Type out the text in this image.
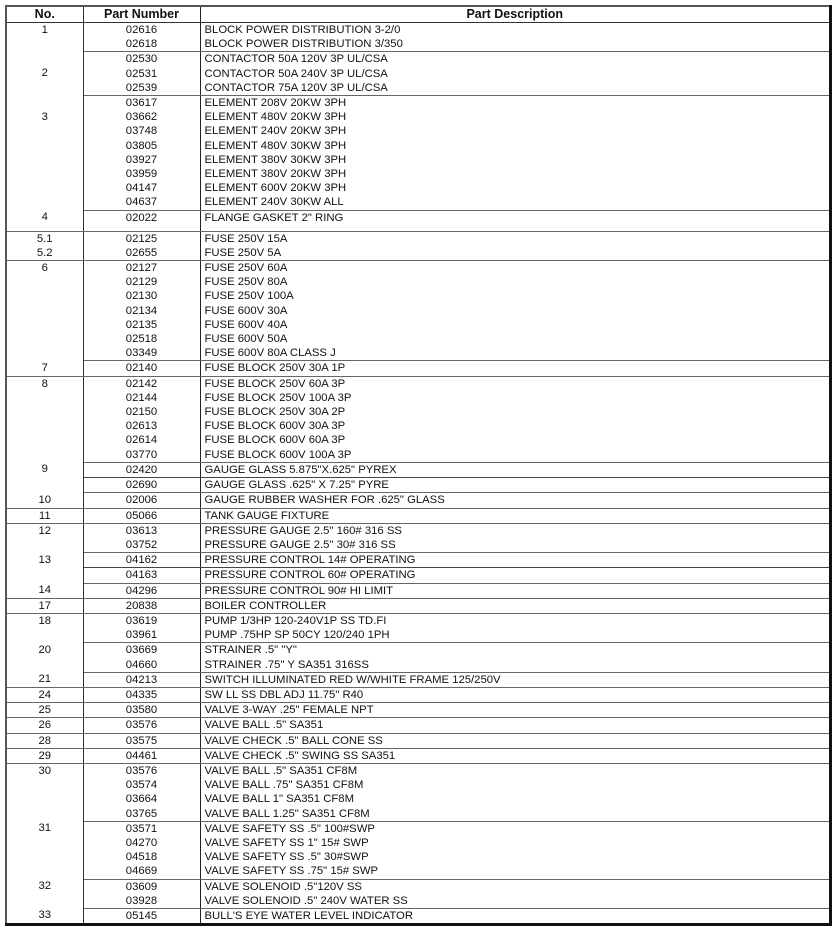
No.	Part Number	Part Description

1	02616	BLOCK POWER DISTRIBUTION 3-2/0
	02618	BLOCK POWER DISTRIBUTION 3/350

2	02530	CONTACTOR 50A 120V 3P UL/CSA
	02531	CONTACTOR 50A 240V 3P UL/CSA
	02539	CONTACTOR 75A 120V 3P UL/CSA

3	03617	ELEMENT 208V 20KW 3PH
	03662	ELEMENT 480V 20KW 3PH
	03748	ELEMENT 240V 20KW 3PH
	03805	ELEMENT 480V 30KW 3PH
	03927	ELEMENT 380V 30KW 3PH
	03959	ELEMENT 380V 20KW 3PH
	04147	ELEMENT 600V 20KW 3PH
	04637	ELEMENT 240V 30KW ALL

4	02022	FLANGE GASKET 2" RING
5.1	02125	FUSE 250V 15A
5.2	02655	FUSE 250V 5A

6	02127	FUSE 250V 60A
	02129	FUSE 250V 80A
	02130	FUSE 250V 100A
	02134	FUSE 600V 30A
	02135	FUSE 600V 40A
	02518	FUSE 600V 50A
	03349	FUSE 600V 80A CLASS J

7	02140	FUSE BLOCK 250V 30A 1P

8	02142	FUSE BLOCK 250V 60A 3P
	02144	FUSE BLOCK 250V 100A 3P
	02150	FUSE BLOCK 250V 30A 2P
	02613	FUSE BLOCK 600V 30A 3P
	02614	FUSE BLOCK 600V 60A 3P
	03770	FUSE BLOCK 600V 100A 3P

9	02420	GAUGE GLASS 5.875"X.625" PYREX
	02690	GAUGE GLASS .625" X 7.25" PYRE

10	02006	GAUGE RUBBER WASHER FOR .625" GLASS

11	05066	TANK GAUGE FIXTURE

12	03613	PRESSURE GAUGE 2.5" 160# 316 SS
	03752	PRESSURE GAUGE 2.5" 30# 316 SS

13	04162	PRESSURE CONTROL 14# OPERATING
	04163	PRESSURE CONTROL 60# OPERATING

14	04296	PRESSURE CONTROL 90# HI LIMIT

17	20838	BOILER CONTROLLER

18	03619	PUMP 1/3HP 120-240V1P SS TD.FI
	03961	PUMP .75HP SP 50CY 120/240 1PH

20	03669	STRAINER .5" "Y"
	04660	STRAINER .75" Y SA351 316SS

21	04213	SWITCH ILLUMINATED RED W/WHITE FRAME 125/250V

24	04335	SW LL SS DBL ADJ 11.75" R40

25	03580	VALVE 3-WAY .25" FEMALE NPT

26	03576	VALVE BALL .5" SA351

28	03575	VALVE CHECK .5" BALL CONE SS

29	04461	VALVE CHECK .5" SWING SS SA351

30	03576	VALVE BALL .5" SA351 CF8M
	03574	VALVE BALL .75" SA351 CF8M
	03664	VALVE BALL 1" SA351 CF8M
	03765	VALVE BALL 1.25" SA351 CF8M

31	03571	VALVE SAFETY SS .5" 100#SWP
	04270	VALVE SAFETY SS 1" 15# SWP
	04518	VALVE SAFETY SS .5" 30#SWP
	04669	VALVE SAFETY SS .75" 15# SWP

32	03609	VALVE SOLENOID .5"120V SS
	03928	VALVE SOLENOID .5" 240V WATER SS

33	05145	BULL'S EYE WATER LEVEL INDICATOR
